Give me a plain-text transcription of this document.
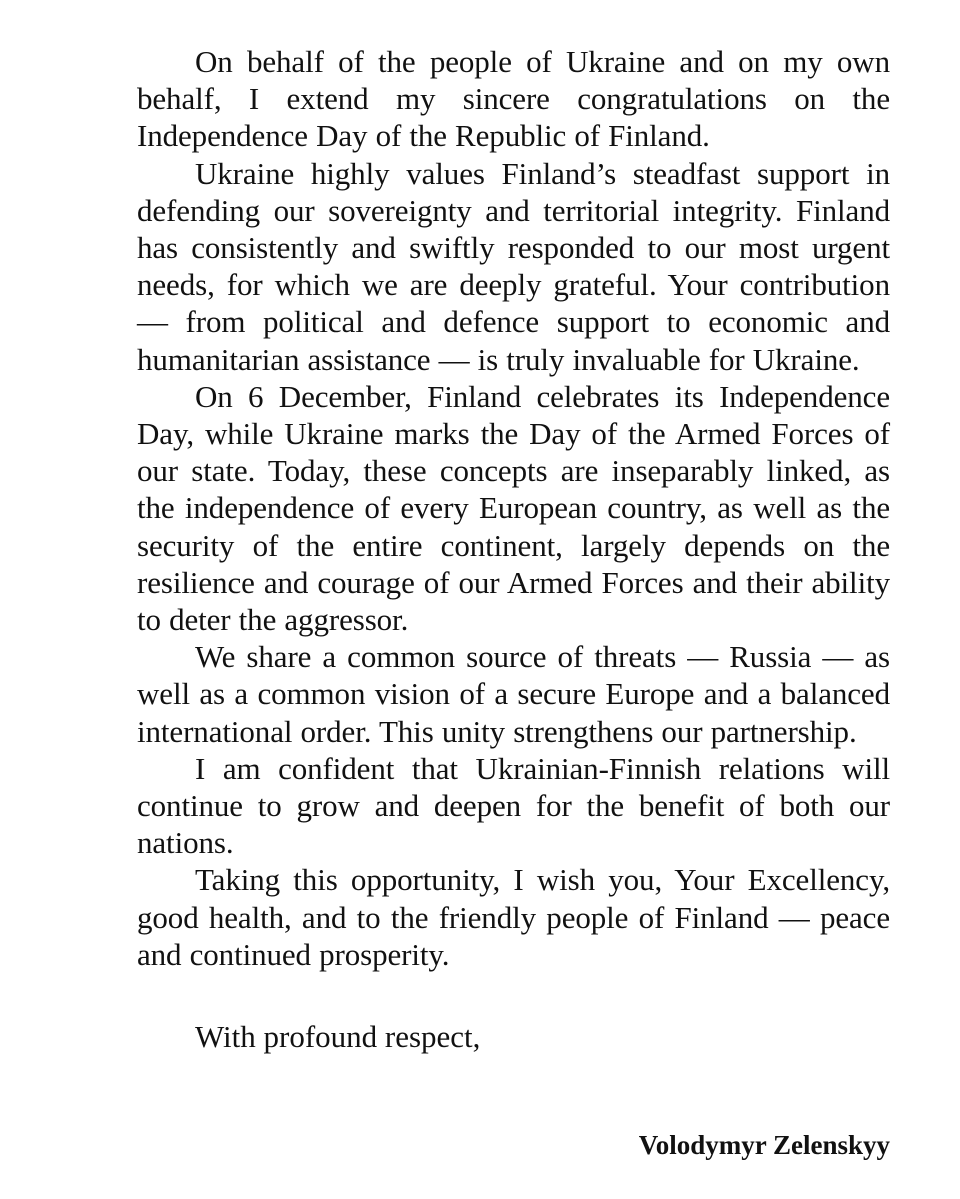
On behalf of the people of Ukraine and on my own behalf, I extend my sincere congratulations on the Independence Day of the Republic of Finland.

Ukraine highly values Finland’s steadfast support in defending our sovereignty and territorial integrity. Finland has consistently and swiftly responded to our most urgent needs, for which we are deeply grateful. Your contribution — from political and defence support to economic and humanitarian assistance — is truly invaluable for Ukraine.

On 6 December, Finland celebrates its Independence Day, while Ukraine marks the Day of the Armed Forces of our state. Today, these concepts are inseparably linked, as the independence of every European country, as well as the security of the entire continent, largely depends on the resilience and courage of our Armed Forces and their ability to deter the aggressor.

We share a common source of threats — Russia — as well as a common vision of a secure Europe and a balanced international order. This unity strengthens our partnership.

I am confident that Ukrainian-Finnish relations will continue to grow and deepen for the benefit of both our nations.

Taking this opportunity, I wish you, Your Excellency, good health, and to the friendly people of Finland — peace and continued prosperity.

With profound respect,

Volodymyr Zelenskyy
